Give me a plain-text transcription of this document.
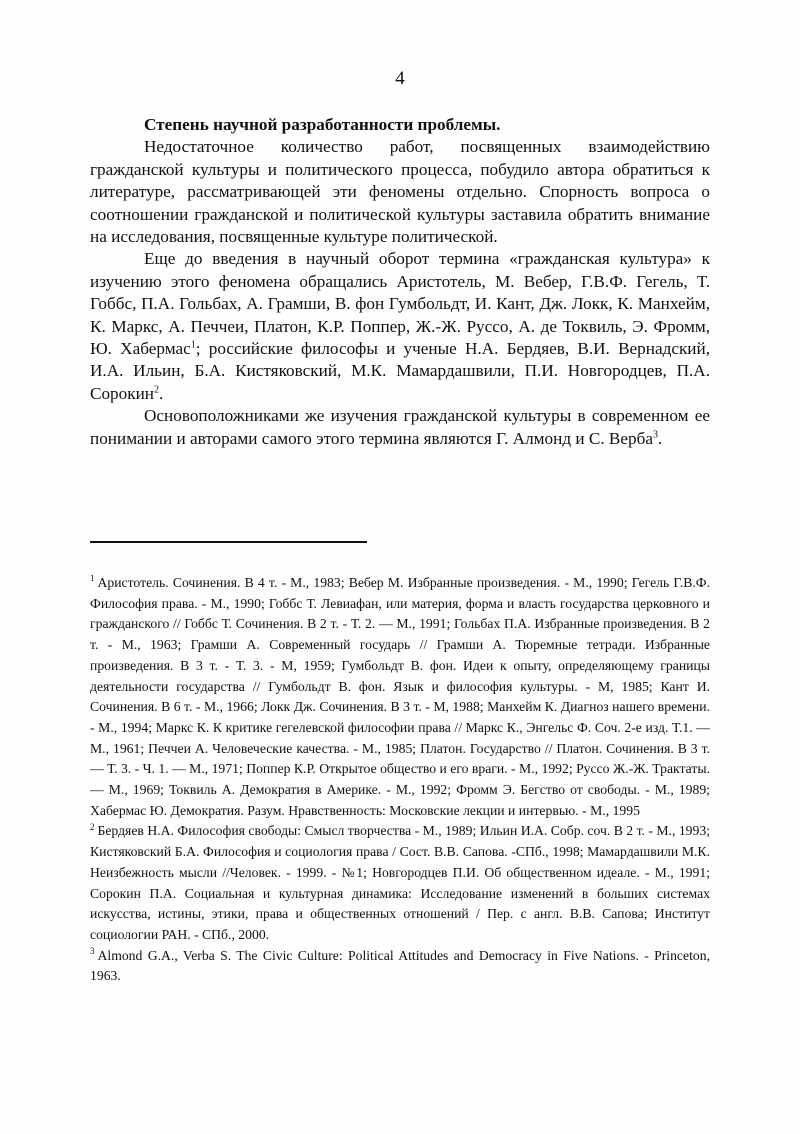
4

Степень научной разработанности проблемы.

Недостаточное количество работ, посвященных взаимодействию гражданской культуры и политического процесса, побудило автора обратиться к литературе, рассматривающей эти феномены отдельно. Спорность вопроса о соотношении гражданской и политической культуры заставила обратить внимание на исследования, посвященные культуре политической.

Еще до введения в научный оборот термина «гражданская культура» к изучению этого феномена обращались Аристотель, М. Вебер, Г.В.Ф. Гегель, Т. Гоббс, П.А. Гольбах, А. Грамши, В. фон Гумбольдт, И. Кант, Дж. Локк, К. Манхейм, К. Маркс, А. Печчеи, Платон, К.Р. Поппер, Ж.-Ж. Руссо, А. де Токвиль, Э. Фромм, Ю. Хабермас$^1$; российские философы и ученые Н.А. Бердяев, В.И. Вернадский, И.А. Ильин, Б.А. Кистяковский, М.К. Мамардашвили, П.И. Новгородцев, П.А. Сорокин$^2$.

Основоположниками же изучения гражданской культуры в современном ее понимании и авторами самого этого термина являются Г. Алмонд и С. Верба$^3$.

$^1$ Аристотель. Сочинения. В 4 т. - М., 1983; Вебер М. Избранные произведения. - М., 1990; Гегель Г.В.Ф. Философия права. - М., 1990; Гоббс Т. Левиафан, или материя, форма и власть государства церковного и гражданского // Гоббс Т. Сочинения. В 2 т. - Т. 2. — М., 1991; Гольбах П.А. Избранные произведения. В 2 т. - М., 1963; Грамши А. Современный государь // Грамши А. Тюремные тетради. Избранные произведения. В 3 т. - Т. 3. - М, 1959; Гумбольдт В. фон. Идеи к опыту, определяющему границы деятельности государства // Гумбольдт В. фон. Язык и философия культуры. - М, 1985; Кант И. Сочинения. В 6 т. - М., 1966; Локк Дж. Сочинения. В 3 т. - М, 1988; Манхейм К. Диагноз нашего времени. - М., 1994; Маркс К. К критике гегелевской философии права // Маркс К., Энгельс Ф. Соч. 2-е изд. Т.1. — М., 1961; Печчеи А. Человеческие качества. - М., 1985; Платон. Государство // Платон. Сочинения. В 3 т. — Т. 3. - Ч. 1. — М., 1971; Поппер К.Р. Открытое общество и его враги. - М., 1992; Руссо Ж.-Ж. Трактаты. — М., 1969; Токвиль А. Демократия в Америке. - М., 1992; Фромм Э. Бегство от свободы. - М., 1989; Хабермас Ю. Демократия. Разум. Нравственность: Московские лекции и интервью. - М., 1995

$^2$ Бердяев Н.А. Философия свободы: Смысл творчества - М., 1989; Ильин И.А. Собр. соч. В 2 т. - М., 1993; Кистяковский Б.А. Философия и социология права / Сост. В.В. Сапова. -СПб., 1998; Мамардашвили М.К. Неизбежность мысли //Человек. - 1999. - №1; Новгородцев П.И. Об общественном идеале. - М., 1991; Сорокин П.А. Социальная и культурная динамика: Исследование изменений в больших системах искусства, истины, этики, права и общественных отношений / Пер. с англ. В.В. Сапова; Институт социологии РАН. - СПб., 2000.

$^3$ Almond G.A., Verba S. The Civic Culture: Political Attitudes and Democracy in Five Nations. - Princeton, 1963.
